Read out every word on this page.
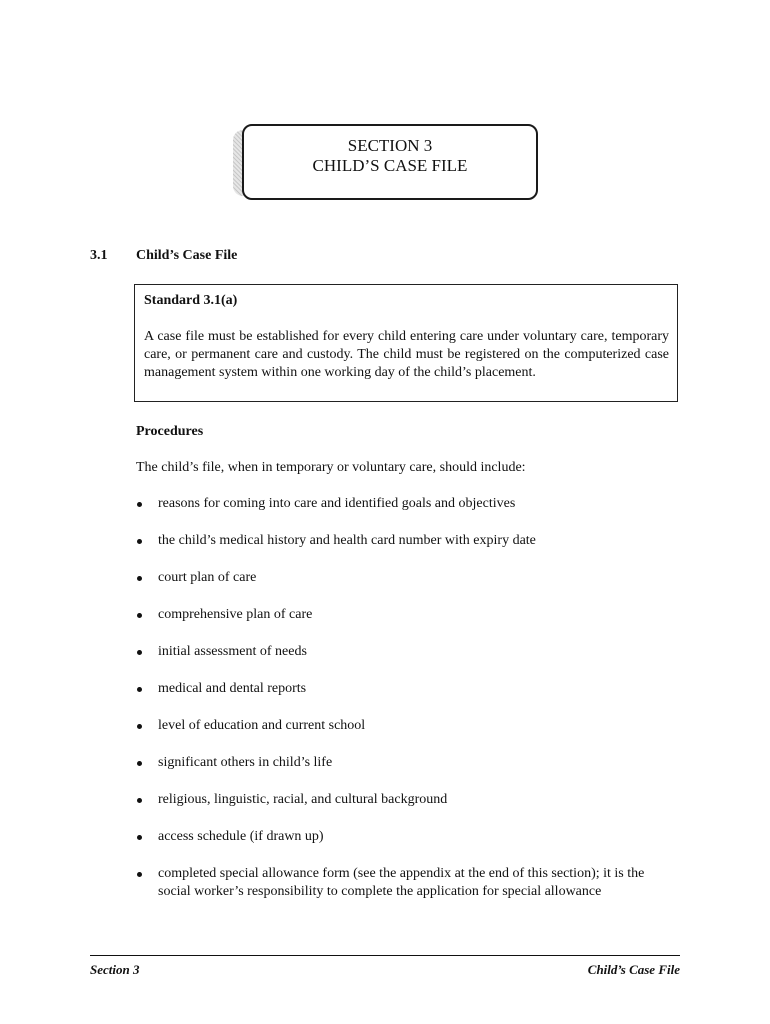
SECTION 3
CHILD’S CASE FILE
3.1 Child’s Case File
Standard 3.1(a)
A case file must be established for every child entering care under voluntary care, temporary care, or permanent care and custody. The child must be registered on the computerized case management system within one working day of the child’s placement.
Procedures
The child’s file, when in temporary or voluntary care, should include:
reasons for coming into care and identified goals and objectives
the child’s medical history and health card number with expiry date
court plan of care
comprehensive plan of care
initial assessment of needs
medical and dental reports
level of education and current school
significant others in child’s life
religious, linguistic, racial, and cultural background
access schedule (if drawn up)
completed special allowance form (see the appendix at the end of this section); it is the social worker’s responsibility to complete the application for special allowance
Section 3	Child’s Case File
